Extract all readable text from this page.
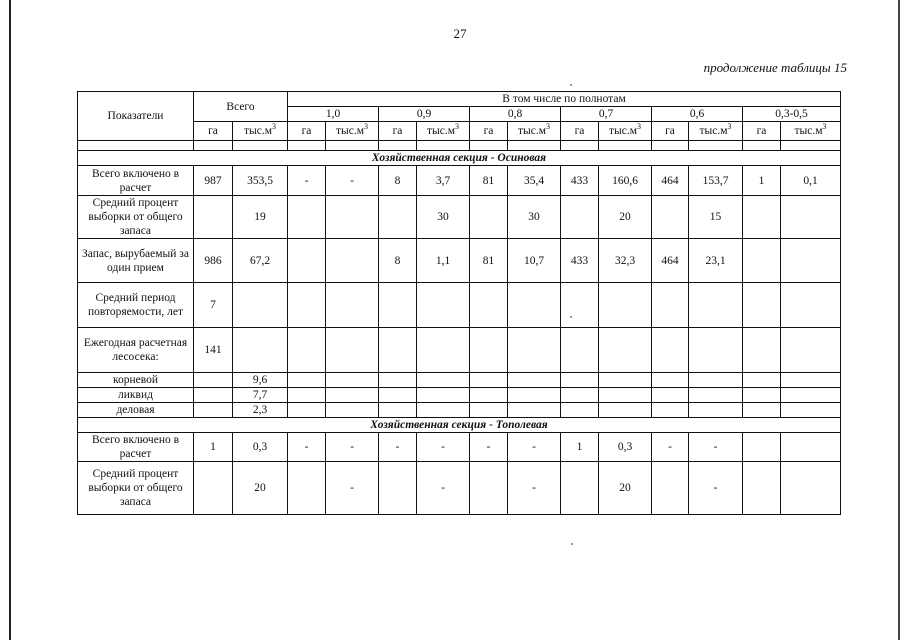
27
продолжение таблицы 15
Показатели	Всего		В том числе по полнотам											
			1,0		0,9		0,8		0,7		0,6		0,3-0,5	
	га	$тыс.м^3$	га	$тыс.м^3$	га	$тыс.м^3$	га	$тыс.м^3$	га	$тыс.м^3$	га	$тыс.м^3$	га	$тыс.м^3$

Хозяйственная секция - Осиновая														
Всего включено в расчет	987	353,5	-	-	8	3,7	81	35,4	433	160,6	464	153,7	1	0,1
Средний процент выборки от общего запаса		19				30		30		20		15		
Запас, вырубаемый за один прием	986	67,2			8	1,1	81	10,7	433	32,3	464	23,1		
Средний период повторяемости, лет	7													
Ежегодная расчетная лесосека:	141													
корневой		9,6												
ликвид		7,7												
деловая		2,3												
Хозяйственная секция - Тополевая														
Всего включено в расчет	1	0,3	-	-	-	-	-	-	1	0,3	-	-		
Средний процент выборки от общего запаса		20		-		-		-		20		-		
